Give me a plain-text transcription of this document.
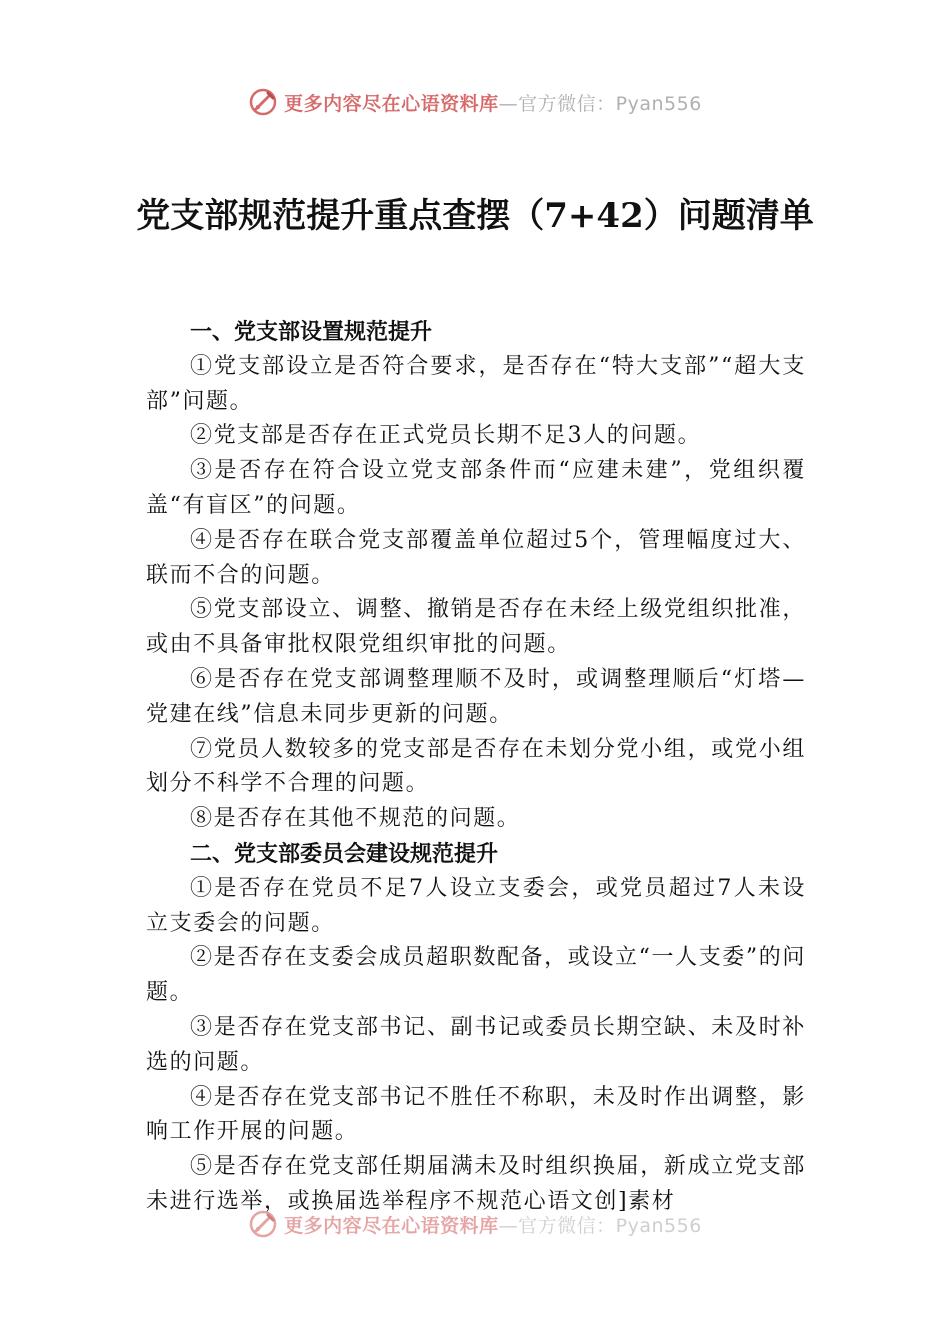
更多内容尽在心语资料库—官方微信：Pyan556
党支部规范提升重点查摆（7+42）问题清单

一、党支部设置规范提升

①党支部设立是否符合要求，是否存在“特大支部”“超大支部”问题。

②党支部是否存在正式党员长期不足3人的问题。

③是否存在符合设立党支部条件而“应建未建”，党组织覆盖“有盲区”的问题。

④是否存在联合党支部覆盖单位超过5个，管理幅度过大、联而不合的问题。

⑤党支部设立、调整、撤销是否存在未经上级党组织批准，或由不具备审批权限党组织审批的问题。

⑥是否存在党支部调整理顺不及时，或调整理顺后“灯塔—党建在线”信息未同步更新的问题。

⑦党员人数较多的党支部是否存在未划分党小组，或党小组划分不科学不合理的问题。

⑧是否存在其他不规范的问题。

二、党支部委员会建设规范提升

①是否存在党员不足7人设立支委会，或党员超过7人未设立支委会的问题。

②是否存在支委会成员超职数配备，或设立“一人支委”的问题。

③是否存在党支部书记、副书记或委员长期空缺、未及时补选的问题。

④是否存在党支部书记不胜任不称职，未及时作出调整，影响工作开展的问题。

⑤是否存在党支部任期届满未及时组织换届，新成立党支部未进行选举，或换届选举程序不规范心语文创]素材

更多内容尽在心语资料库—官方微信：Pyan556
